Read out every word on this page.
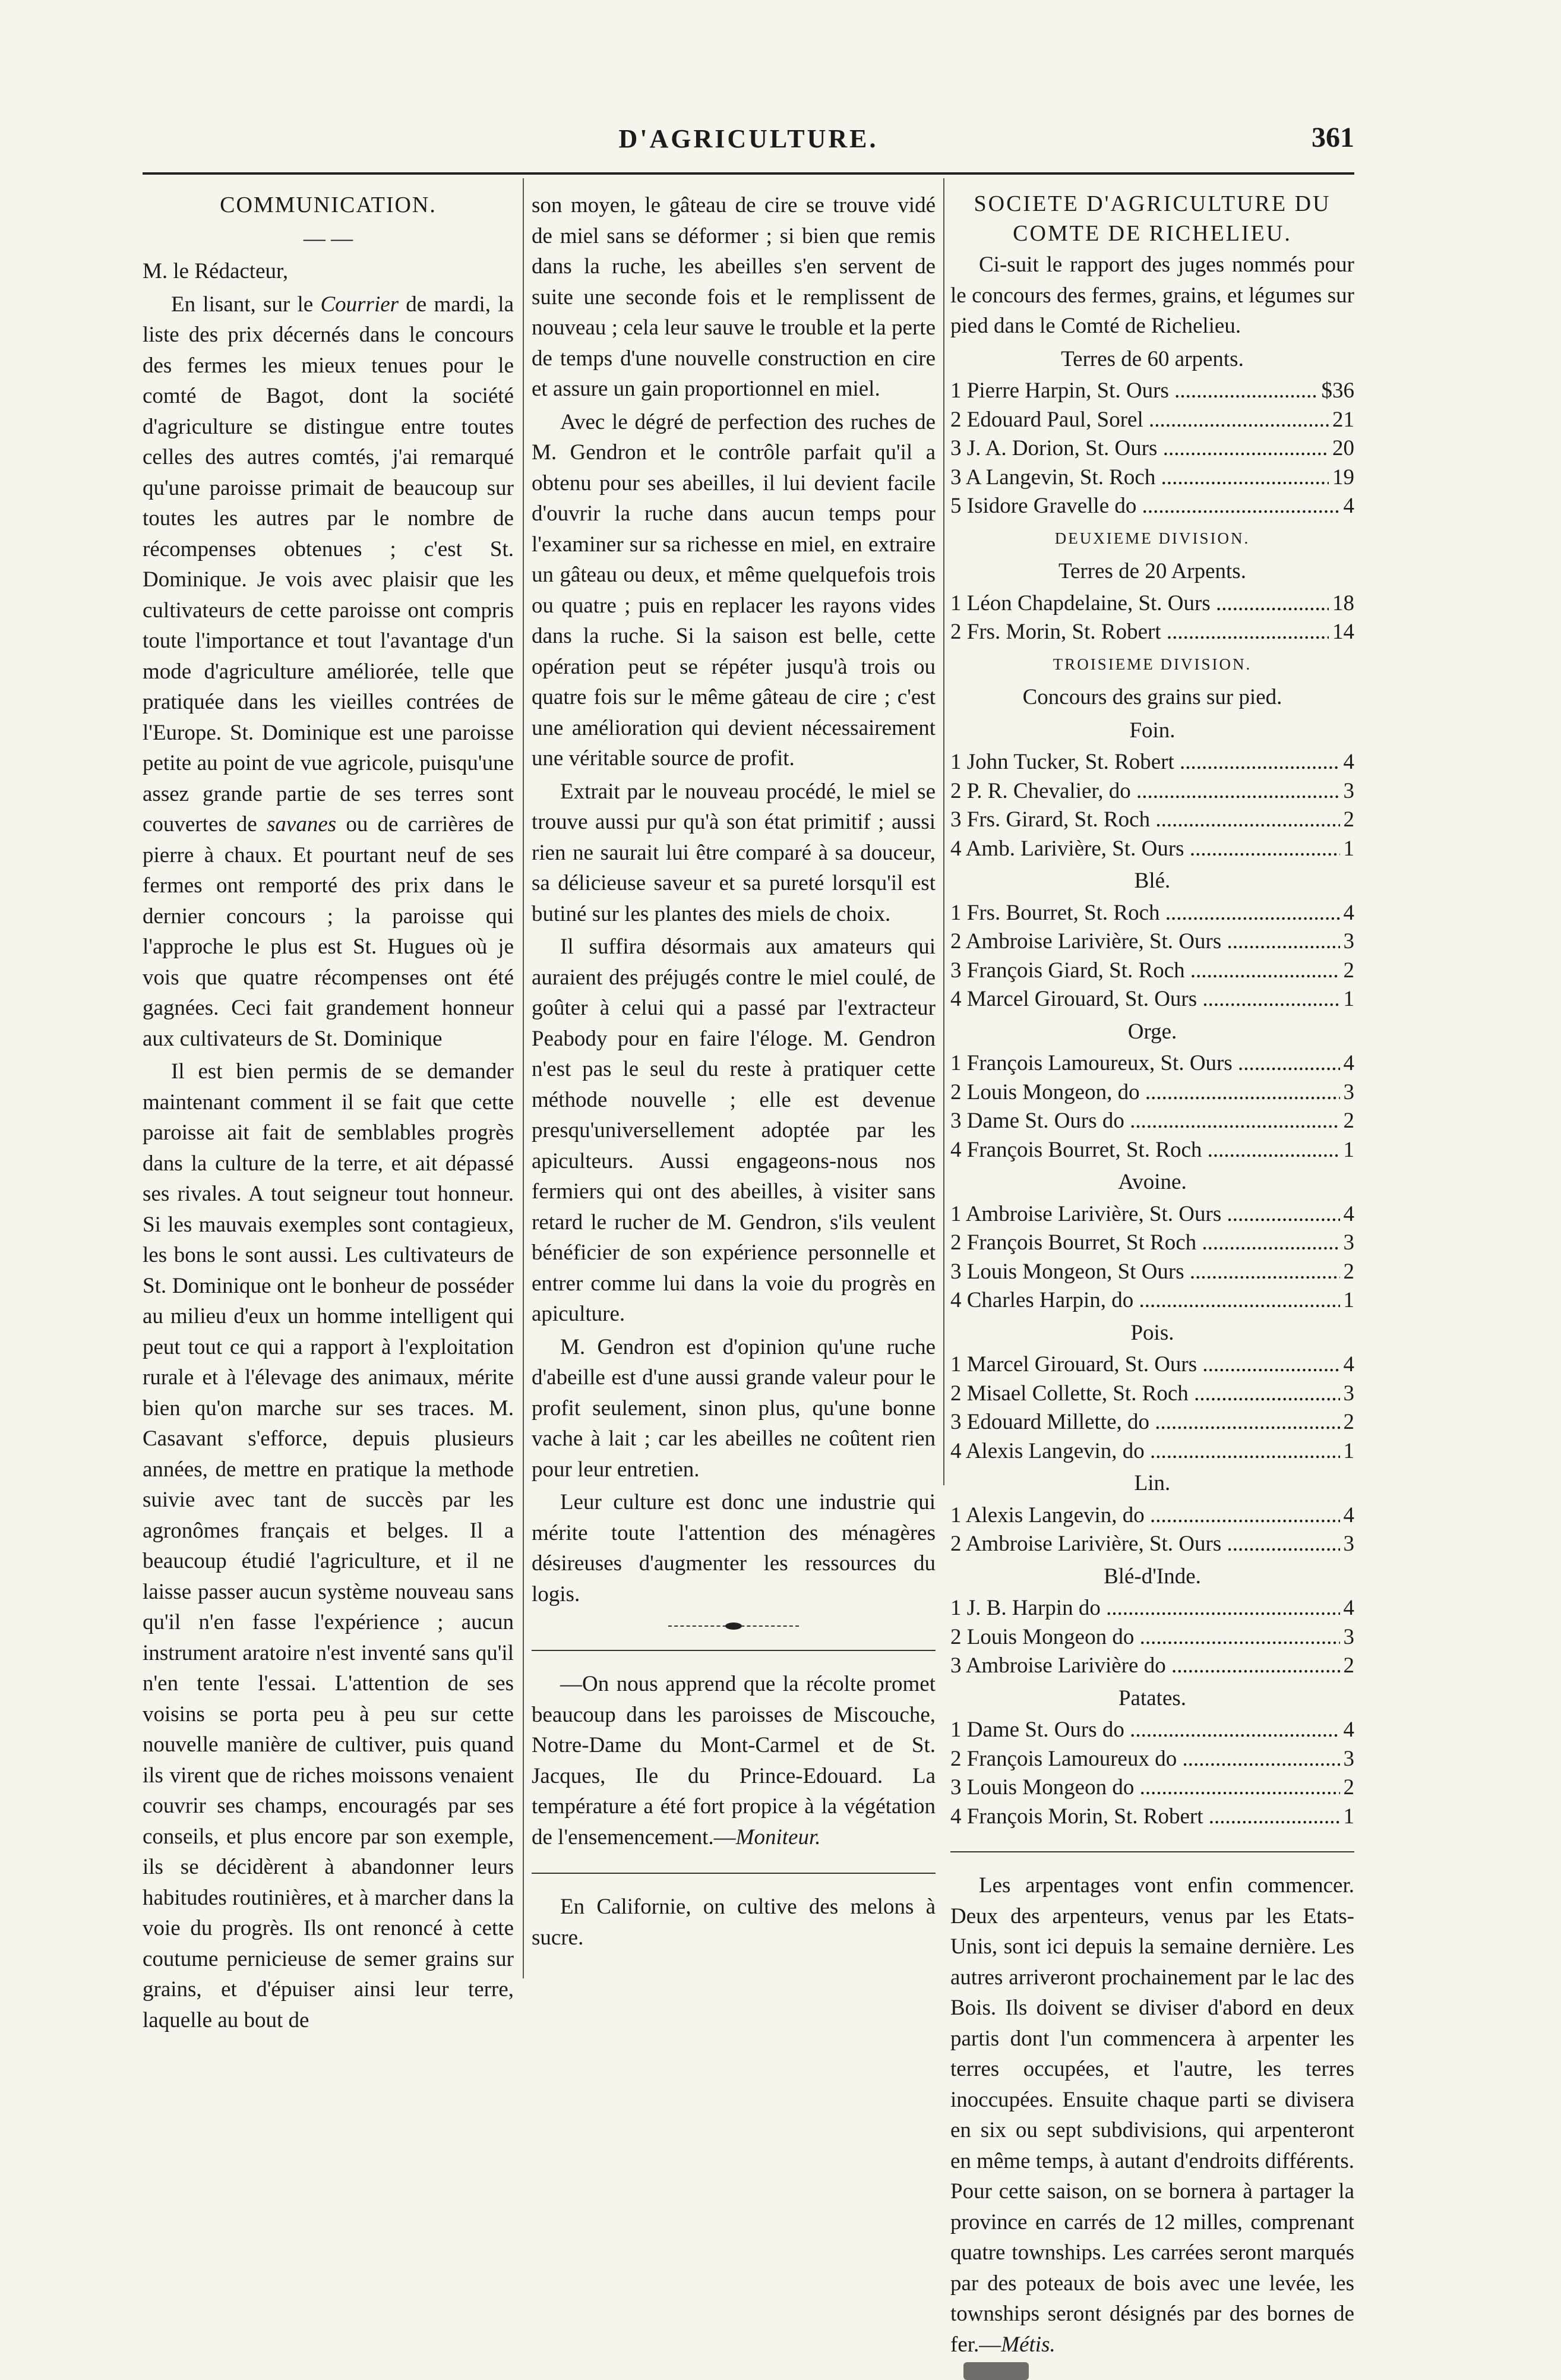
D'AGRICULTURE.	361

COMMUNICATION.

— —

M. le Rédacteur,

En lisant, sur le Courrier de mardi, la liste des prix décernés dans le concours des fermes les mieux tenues pour le comté de Bagot, dont la société d'agriculture se distingue entre toutes celles des autres comtés, j'ai remarqué qu'une paroisse primait de beaucoup sur toutes les autres par le nombre de récompenses obtenues ; c'est St. Dominique. Je vois avec plaisir que les cultivateurs de cette paroisse ont compris toute l'importance et tout l'avantage d'un mode d'agriculture améliorée, telle que pratiquée dans les vieilles contrées de l'Europe. St. Dominique est une paroisse petite au point de vue agricole, puisqu'une assez grande partie de ses terres sont couvertes de savanes ou de carrières de pierre à chaux. Et pourtant neuf de ses fermes ont remporté des prix dans le dernier concours ; la paroisse qui l'approche le plus est St. Hugues où je vois que quatre récompenses ont été gagnées. Ceci fait grandement honneur aux cultivateurs de St. Dominique

Il est bien permis de se demander maintenant comment il se fait que cette paroisse ait fait de semblables progrès dans la culture de la terre, et ait dépassé ses rivales. A tout seigneur tout honneur. Si les mauvais exemples sont contagieux, les bons le sont aussi. Les cultivateurs de St. Dominique ont le bonheur de posséder au milieu d'eux un homme intelligent qui peut tout ce qui a rapport à l'exploitation rurale et à l'élevage des animaux, mérite bien qu'on marche sur ses traces. M. Casavant s'efforce, depuis plusieurs années, de mettre en pratique la methode suivie avec tant de succès par les agronômes français et belges. Il a beaucoup étudié l'agriculture, et il ne laisse passer aucun système nouveau sans qu'il n'en fasse l'expérience ; aucun instrument aratoire n'est inventé sans qu'il n'en tente l'essai. L'attention de ses voisins se porta peu à peu sur cette nouvelle manière de cultiver, puis quand ils virent que de riches moissons venaient couvrir ses champs, encouragés par ses conseils, et plus encore par son exemple, ils se décidèrent à abandonner leurs habitudes routinières, et à marcher dans la voie du progrès. Ils ont renoncé à cette coutume pernicieuse de semer grains sur grains, et d'épuiser ainsi leur terre, laquelle au bout de

son moyen, le gâteau de cire se trouve vidé de miel sans se déformer ; si bien que remis dans la ruche, les abeilles s'en servent de suite une seconde fois et le remplissent de nouveau ; cela leur sauve le trouble et la perte de temps d'une nouvelle construction en cire et assure un gain proportionnel en miel.

Avec le dégré de perfection des ruches de M. Gendron et le contrôle parfait qu'il a obtenu pour ses abeilles, il lui devient facile d'ouvrir la ruche dans aucun temps pour l'examiner sur sa richesse en miel, en extraire un gâteau ou deux, et même quelquefois trois ou quatre ; puis en replacer les rayons vides dans la ruche. Si la saison est belle, cette opération peut se répéter jusqu'à trois ou quatre fois sur le même gâteau de cire ; c'est une amélioration qui devient nécessairement une véritable source de profit.

Extrait par le nouveau procédé, le miel se trouve aussi pur qu'à son état primitif ; aussi rien ne saurait lui être comparé à sa douceur, sa délicieuse saveur et sa pureté lorsqu'il est butiné sur les plantes des miels de choix.

Il suffira désormais aux amateurs qui auraient des préjugés contre le miel coulé, de goûter à celui qui a passé par l'extracteur Peabody pour en faire l'éloge. M. Gendron n'est pas le seul du reste à pratiquer cette méthode nouvelle ; elle est devenue presqu'universellement adoptée par les apiculteurs. Aussi engageons-nous nos fermiers qui ont des abeilles, à visiter sans retard le rucher de M. Gendron, s'ils veulent bénéficier de son expérience personnelle et entrer comme lui dans la voie du progrès en apiculture.

M. Gendron est d'opinion qu'une ruche d'abeille est d'une aussi grande valeur pour le profit seulement, sinon plus, qu'une bonne vache à lait ; car les abeilles ne coûtent rien pour leur entretien.

Leur culture est donc une industrie qui mérite toute l'attention des ménagères désireuses d'augmenter les ressources du logis.

—On nous apprend que la récolte promet beaucoup dans les paroisses de Miscouche, Notre-Dame du Mont-Carmel et de St. Jacques, Ile du Prince-Edouard. La température a été fort propice à la végétation de l'ensemencement.—Moniteur.

En Californie, on cultive des melons à sucre.

SOCIETE D'AGRICULTURE DU

COMTE DE RICHELIEU.

Ci-suit le rapport des juges nommés pour le concours des fermes, grains, et légumes sur pied dans le Comté de Richelieu.

Terres de 60 arpents.

1 Pierre Harpin, St. Ours .....	$36
2 Edouard Paul, Sorel .....	21
3 J. A. Dorion, St. Ours .....	20
3 A Langevin, St. Roch .....	19
5 Isidore Gravelle do .....	4

DEUXIEME DIVISION.

Terres de 20 Arpents.

1 Léon Chapdelaine, St. Ours .....	18
2 Frs. Morin, St. Robert .....	14

TROISIEME DIVISION.

Concours des grains sur pied.

Foin.

1 John Tucker, St. Robert .....	4
2 P. R. Chevalier, do .....	3
3 Frs. Girard, St. Roch .....	2
4 Amb. Larivière, St. Ours .....	1

Blé.

1 Frs. Bourret, St. Roch .....	4
2 Ambroise Larivière, St. Ours .....	3
3 François Giard, St. Roch .....	2
4 Marcel Girouard, St. Ours .....	1

Orge.

1 François Lamoureux, St. Ours .....	4
2 Louis Mongeon, do .....	3
3 Dame St. Ours do .....	2
4 François Bourret, St. Roch .....	1

Avoine.

1 Ambroise Larivière, St. Ours .....	4
2 François Bourret, St Roch .....	3
3 Louis Mongeon, St Ours .....	2
4 Charles Harpin, do .....	1

Pois.

1 Marcel Girouard, St. Ours .....	4
2 Misael Collette, St. Roch .....	3
3 Edouard Millette, do .....	2
4 Alexis Langevin, do .....	1

Lin.

1 Alexis Langevin, do .....	4
2 Ambroise Larivière, St. Ours .....	3

Blé-d'Inde.

1 J. B. Harpin do .....	4
2 Louis Mongeon do .....	3
3 Ambroise Larivière do .....	2

Patates.

1 Dame St. Ours do .....	4
2 François Lamoureux do .....	3
3 Louis Mongeon do .....	2
4 François Morin, St. Robert .....	1

Les arpentages vont enfin commencer. Deux des arpenteurs, venus par les Etats-Unis, sont ici depuis la semaine dernière. Les autres arriveront prochainement par le lac des Bois. Ils doivent se diviser d'abord en deux partis dont l'un commencera à arpenter les terres occupées, et l'autre, les terres inoccupées. Ensuite chaque parti se divisera en six ou sept subdivisions, qui arpenteront en même temps, à autant d'endroits différents. Pour cette saison, on se bornera à partager la province en carrés de 12 milles, comprenant quatre townships. Les carrées seront marqués par des poteaux de bois avec une levée, les townships seront désignés par des bornes de fer.—Métis.
